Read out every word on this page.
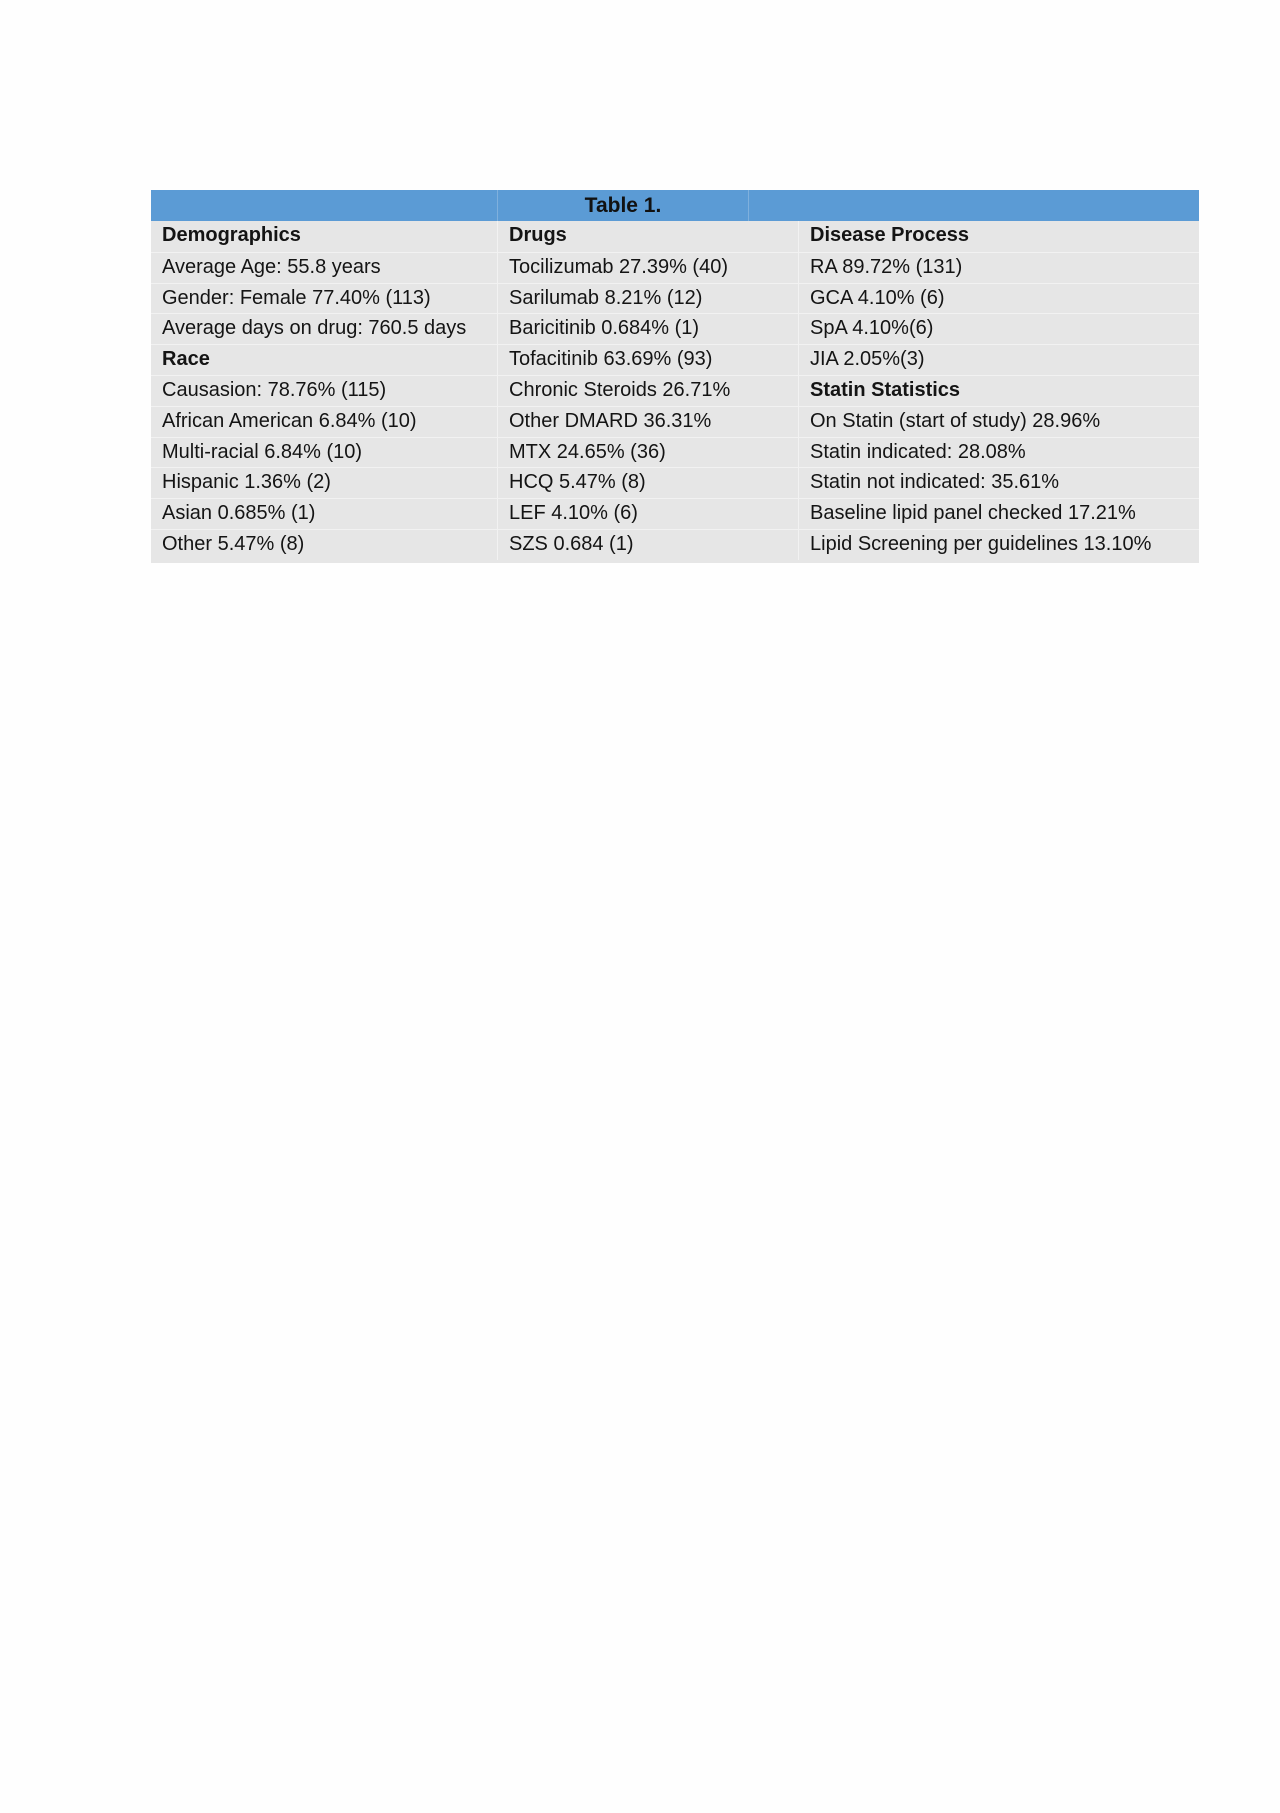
Table 1.
Demographics	Drugs	Disease Process
Average Age: 55.8 years	Tocilizumab 27.39% (40)	RA 89.72% (131)
Gender: Female 77.40% (113)	Sarilumab 8.21% (12)	GCA 4.10% (6)
Average days on drug: 760.5 days	Baricitinib 0.684% (1)	SpA 4.10%(6)
Race	Tofacitinib 63.69% (93)	JIA 2.05%(3)
Causasion: 78.76% (115)	Chronic Steroids 26.71%	Statin Statistics
African American 6.84% (10)	Other DMARD 36.31%	On Statin (start of study) 28.96%
Multi-racial 6.84% (10)	MTX 24.65% (36)	Statin indicated: 28.08%
Hispanic 1.36% (2)	HCQ 5.47% (8)	Statin not indicated: 35.61%
Asian 0.685% (1)	LEF 4.10% (6)	Baseline lipid panel checked 17.21%
Other 5.47% (8)	SZS 0.684 (1)	Lipid Screening per guidelines 13.10%
